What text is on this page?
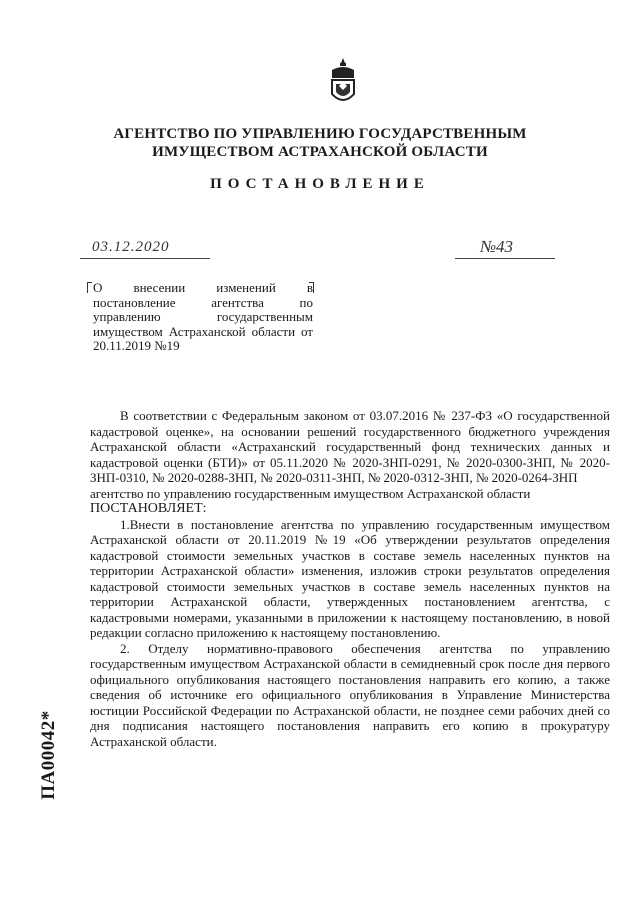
АГЕНТСТВО ПО УПРАВЛЕНИЮ ГОСУДАРСТВЕННЫМ
ИМУЩЕСТВОМ АСТРАХАНСКОЙ ОБЛАСТИ
ПОСТАНОВЛЕНИЕ
03.12.2020	№43
О внесении изменений в постановление агентства по управлению государственным имуществом Астраханской области от 20.11.2019 №19
ПА00042*

В соответствии с Федеральным законом от 03.07.2016 № 237-ФЗ «О государственной кадастровой оценке», на основании решений государственного бюджетного учреждения Астраханской области «Астраханский государственный фонд технических данных и кадастровой оценки (БТИ)» от 05.11.2020 № 2020-ЗНП-0291, № 2020-0300-ЗНП, № 2020-ЗНП-0310, № 2020-0288-ЗНП, № 2020-0311-ЗНП, № 2020-0312-ЗНП, № 2020-0264-ЗНП

агентство по управлению государственным имуществом Астраханской области

ПОСТАНОВЛЯЕТ:

1.Внести в постановление агентства по управлению государственным имуществом Астраханской области от 20.11.2019 №19 «Об утверждении результатов определения кадастровой стоимости земельных участков в составе земель населенных пунктов на территории Астраханской области» изменения, изложив строки результатов определения кадастровой стоимости земельных участков в составе земель населенных пунктов на территории Астраханской области, утвержденных постановлением агентства, с кадастровыми номерами, указанными в приложении к настоящему постановлению, в новой редакции согласно приложению к настоящему постановлению.

2. Отделу нормативно-правового обеспечения агентства по управлению государственным имуществом Астраханской области в семидневный срок после дня первого официального опубликования настоящего постановления направить его копию, а также сведения об источнике его официального опубликования в Управление Министерства юстиции Российской Федерации по Астраханской области, не позднее семи рабочих дней со дня подписания настоящего постановления направить его копию в прокуратуру Астраханской области.
